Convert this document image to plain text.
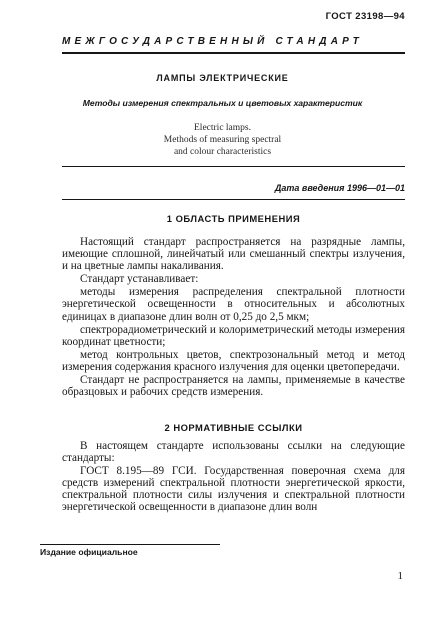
ГОСТ 23198—94
МЕЖГОСУДАРСТВЕННЫЙ СТАНДАРТ
ЛАМПЫ ЭЛЕКТРИЧЕСКИЕ
Методы измерения спектральных и цветовых характеристик
Electric lamps.
Methods of measuring spectral
and colour characteristics
Дата введения 1996—01—01
1 ОБЛАСТЬ ПРИМЕНЕНИЯ

Настоящий стандарт распространяется на разрядные лампы, имеющие сплошной, линейчатый или смешанный спектры излучения, и на цветные лампы накаливания.

Стандарт устанавливает:

методы измерения распределения спектральной плотности энергетической освещенности в относительных и абсолютных единицах в диапазоне длин волн от 0,25 до 2,5 мкм;

спектрорадиометрический и колориметрический методы измерения координат цветности;

метод контрольных цветов, спектрозональный метод и метод измерения содержания красного излучения для оценки цветопередачи.

Стандарт не распространяется на лампы, применяемые в качестве образцовых и рабочих средств измерения.

2 НОРМАТИВНЫЕ ССЫЛКИ

В настоящем стандарте использованы ссылки на следующие стандарты:

ГОСТ 8.195—89 ГСИ. Государственная поверочная схема для средств измерений спектральной плотности энергетической яркости, спектральной плотности силы излучения и спектральной плотности энергетической освещенности в диапазоне длин волн

Издание официальное
1
